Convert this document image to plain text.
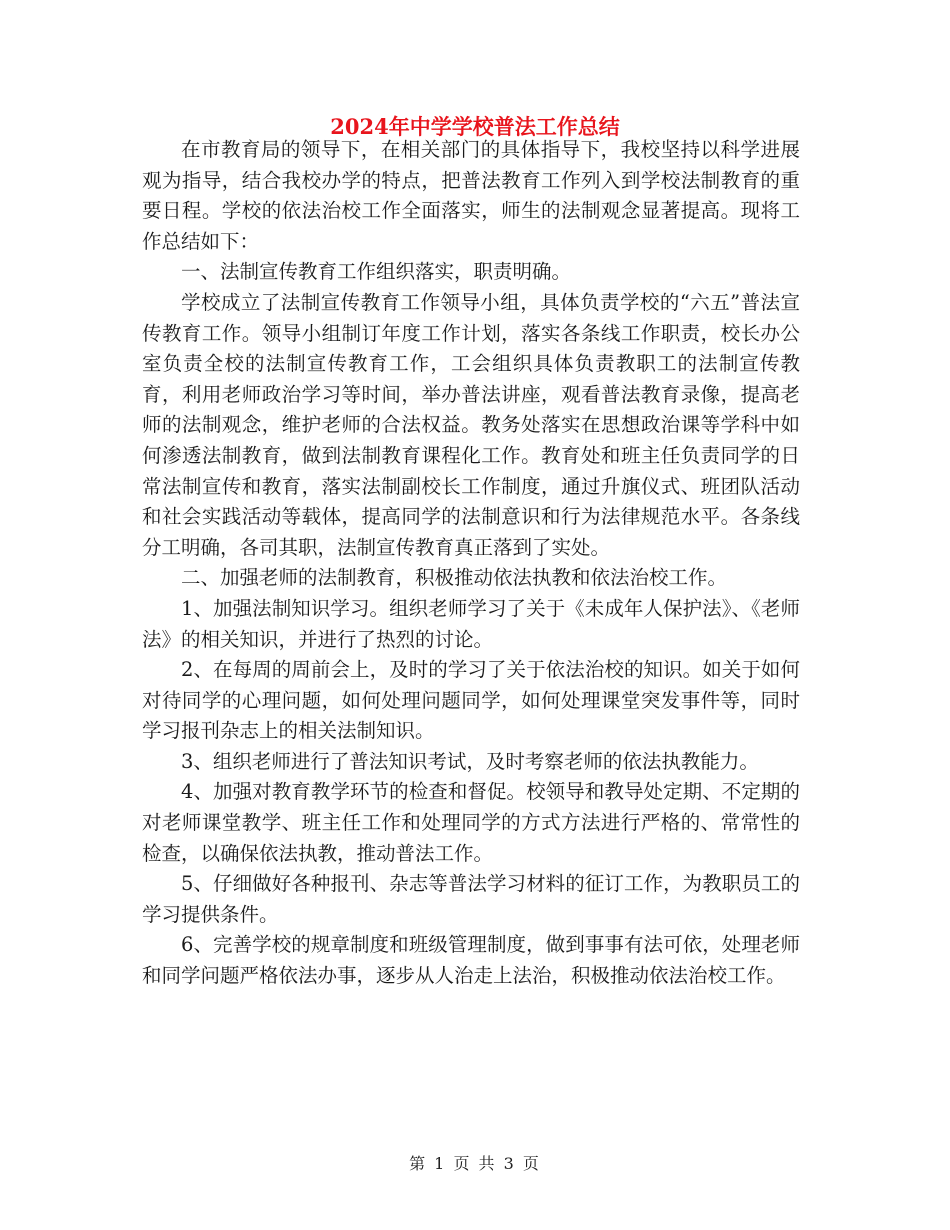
2024年中学学校普法工作总结

在市教育局的领导下，在相关部门的具体指导下，我校坚持以科学进展观为指导，结合我校办学的特点，把普法教育工作列入到学校法制教育的重要日程。学校的依法治校工作全面落实，师生的法制观念显著提高。现将工作总结如下：

一、法制宣传教育工作组织落实，职责明确。

学校成立了法制宣传教育工作领导小组，具体负责学校的“六五”普法宣传教育工作。领导小组制订年度工作计划，落实各条线工作职责，校长办公室负责全校的法制宣传教育工作，工会组织具体负责教职工的法制宣传教育，利用老师政治学习等时间，举办普法讲座，观看普法教育录像，提高老师的法制观念，维护老师的合法权益。教务处落实在思想政治课等学科中如何渗透法制教育，做到法制教育课程化工作。教育处和班主任负责同学的日常法制宣传和教育，落实法制副校长工作制度，通过升旗仪式、班团队活动和社会实践活动等载体，提高同学的法制意识和行为法律规范水平。各条线分工明确，各司其职，法制宣传教育真正落到了实处。

二、加强老师的法制教育，积极推动依法执教和依法治校工作。

1、加强法制知识学习。组织老师学习了关于《未成年人保护法》、《老师法》的相关知识，并进行了热烈的讨论。

2、在每周的周前会上，及时的学习了关于依法治校的知识。如关于如何对待同学的心理问题，如何处理问题同学，如何处理课堂突发事件等，同时学习报刊杂志上的相关法制知识。

3、组织老师进行了普法知识考试，及时考察老师的依法执教能力。

4、加强对教育教学环节的检查和督促。校领导和教导处定期、不定期的对老师课堂教学、班主任工作和处理同学的方式方法进行严格的、常常性的检查，以确保依法执教，推动普法工作。

5、仔细做好各种报刊、杂志等普法学习材料的征订工作，为教职员工的学习提供条件。

6、完善学校的规章制度和班级管理制度，做到事事有法可依，处理老师和同学问题严格依法办事，逐步从人治走上法治，积极推动依法治校工作。

第 1 页 共 3 页
